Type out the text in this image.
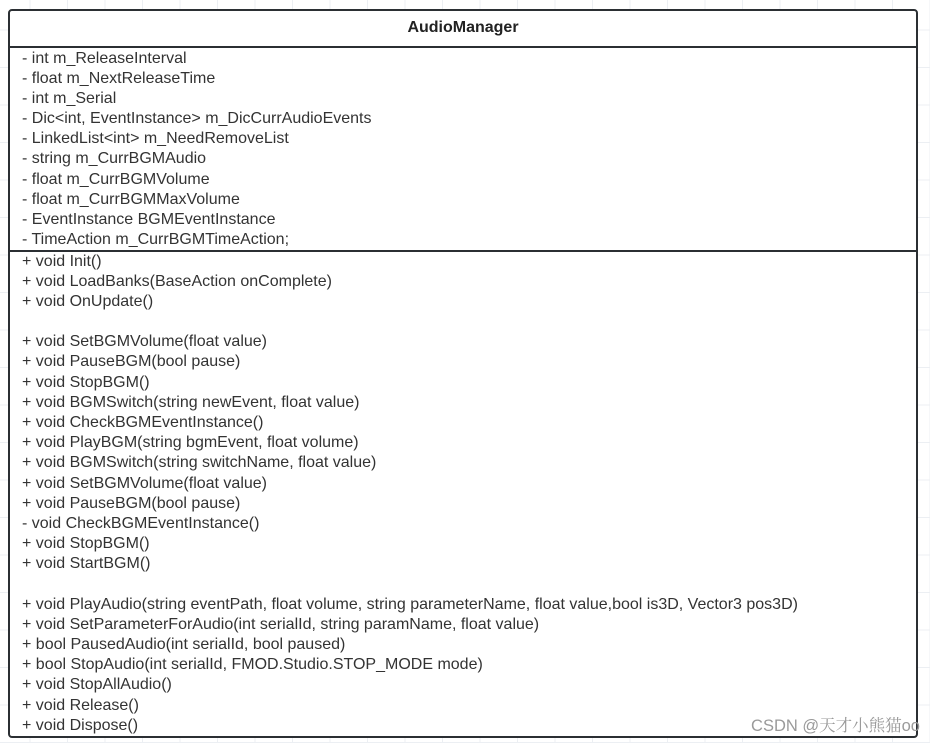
AudioManager
- int m_ReleaseInterval
- float m_NextReleaseTime
- int m_Serial
- Dic<int, EventInstance> m_DicCurrAudioEvents
- LinkedList<int> m_NeedRemoveList
- string m_CurrBGMAudio
- float m_CurrBGMVolume
- float m_CurrBGMMaxVolume
- EventInstance BGMEventInstance
- TimeAction m_CurrBGMTimeAction;
+ void Init()
+ void LoadBanks(BaseAction onComplete)
+ void OnUpdate()
+ void SetBGMVolume(float value)
+ void PauseBGM(bool pause)
+ void StopBGM()
+ void BGMSwitch(string newEvent, float value)
+ void CheckBGMEventInstance()
+ void PlayBGM(string bgmEvent, float volume)
+ void BGMSwitch(string switchName, float value)
+ void SetBGMVolume(float value)
+ void PauseBGM(bool pause)
- void CheckBGMEventInstance()
+ void StopBGM()
+ void StartBGM()
+ void PlayAudio(string eventPath, float volume, string parameterName, float value,bool is3D, Vector3 pos3D)
+ void SetParameterForAudio(int serialId, string paramName, float value)
+ bool PausedAudio(int serialId, bool paused)
+ bool StopAudio(int serialId, FMOD.Studio.STOP_MODE mode)
+ void StopAllAudio()
+ void Release()
+ void Dispose()	CSDN @天才小熊猫oo
